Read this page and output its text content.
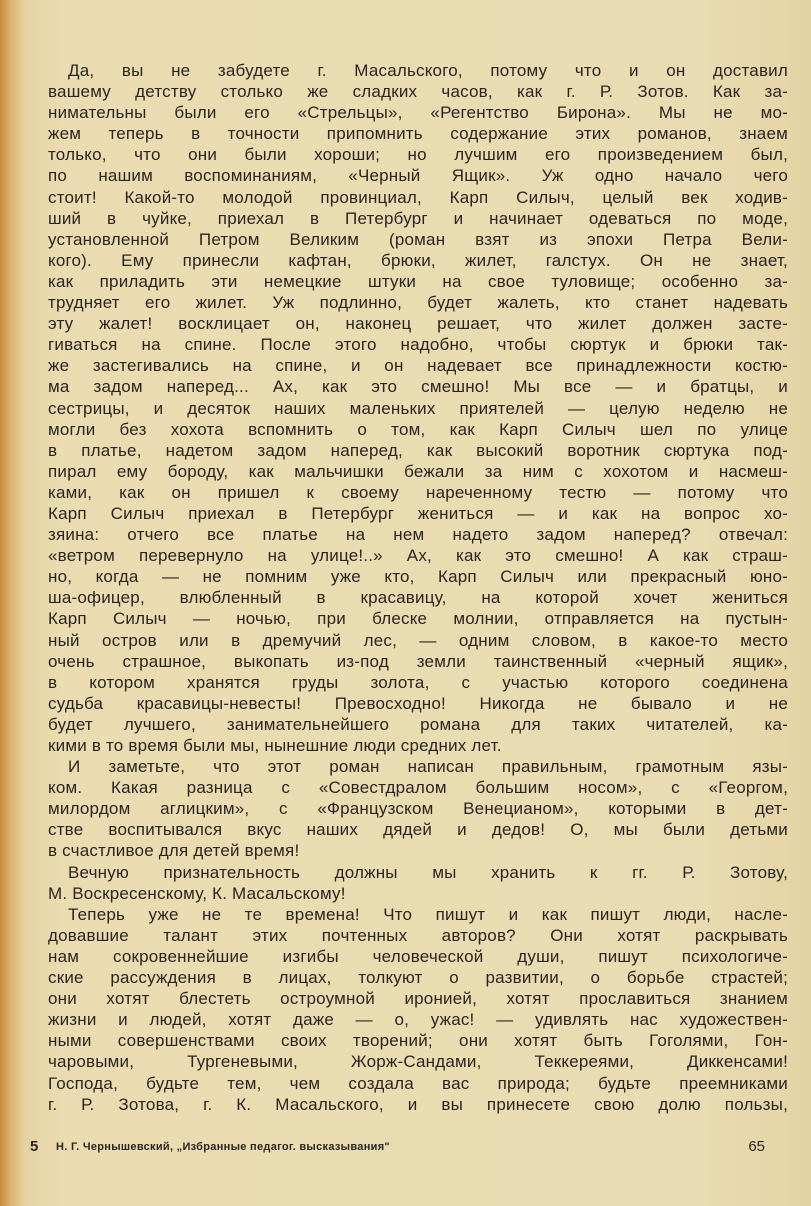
Да, вы не забудете г. Масальского, потому что и он доставил
вашему детству столько же сладких часов, как г. Р. Зотов. Как за-
нимательны были его «Стрельцы», «Регентство Бирона». Мы не мо-
жем теперь в точности припомнить содержание этих романов, знаем
только, что они были хороши; но лучшим его произведением был,
по нашим воспоминаниям, «Черный Ящик». Уж одно начало чего
стоит! Какой-то молодой провинциал, Карп Силыч, целый век ходив-
ший в чуйке, приехал в Петербург и начинает одеваться по моде,
установленной Петром Великим (роман взят из эпохи Петра Вели-
кого). Ему принесли кафтан, брюки, жилет, галстух. Он не знает,
как приладить эти немецкие штуки на свое туловище; особенно за-
трудняет его жилет. Уж подлинно, будет жалеть, кто станет надевать
эту жалет! восклицает он, наконец решает, что жилет должен засте-
гиваться на спине. После этого надобно, чтобы сюртук и брюки так-
же застегивались на спине, и он надевает все принадлежности костю-
ма задом наперед... Ах, как это смешно! Мы все — и братцы, и
сестрицы, и десяток наших маленьких приятелей — целую неделю не
могли без хохота вспомнить о том, как Карп Силыч шел по улице
в платье, надетом задом наперед, как высокий воротник сюртука под-
пирал ему бороду, как мальчишки бежали за ним с хохотом и насмеш-
ками, как он пришел к своему нареченному тестю — потому что
Карп Силыч приехал в Петербург жениться — и как на вопрос хо-
зяина: отчего все платье на нем надето задом наперед? отвечал:
«ветром перевернуло на улице!..» Ах, как это смешно! А как страш-
но, когда — не помним уже кто, Карп Силыч или прекрасный юно-
ша-офицер, влюбленный в красавицу, на которой хочет жениться
Карп Силыч — ночью, при блеске молнии, отправляется на пустын-
ный остров или в дремучий лес, — одним словом, в какое-то место
очень страшное, выкопать из-под земли таинственный «черный ящик»,
в котором хранятся груды золота, с участью которого соединена
судьба красавицы-невесты! Превосходно! Никогда не бывало и не
будет лучшего, занимательнейшего романа для таких читателей, ка-
кими в то время были мы, нынешние люди средних лет.
И заметьте, что этот роман написан правильным, грамотным язы-
ком. Какая разница с «Совестдралом большим носом», с «Георгом,
милордом аглицким», с «Французском Венецианом», которыми в дет-
стве воспитывался вкус наших дядей и дедов! О, мы были детьми
в счастливое для детей время!
Вечную признательность должны мы хранить к гг. Р. Зотову,
М. Воскресенскому, К. Масальскому!
Теперь уже не те времена! Что пишут и как пишут люди, насле-
довавшие талант этих почтенных авторов? Они хотят раскрывать
нам сокровеннейшие изгибы человеческой души, пишут психологиче-
ские рассуждения в лицах, толкуют о развитии, о борьбе страстей;
они хотят блестеть остроумной иронией, хотят прославиться знанием
жизни и людей, хотят даже — о, ужас! — удивлять нас художествен-
ными совершенствами своих творений; они хотят быть Гоголями, Гон-
чаровыми, Тургеневыми, Жорж-Сандами, Теккереями, Диккенсами!
Господа, будьте тем, чем создала вас природа; будьте преемниками
г. Р. Зотова, г. К. Масальского, и вы принесете свою долю пользы,
5 Н. Г. Чернышевский, „Избранные педагог. высказывания"	65
